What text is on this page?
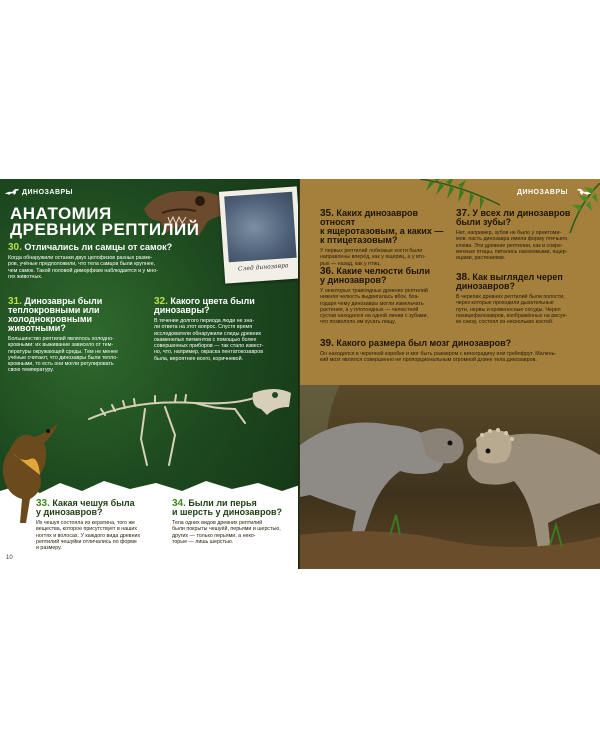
ДИНОЗАВРЫ
След динозавра
АНАТОМИЯ
ДРЕВНИХ РЕПТИЛИЙ

30. Отличались ли самцы от самок?

Когда обнаружили останки двух целофизов разных разме-
ров, учёные предположили, что тела самцов были крупнее,
чем самок. Такой половой диморфизм наблюдается и у мно-
гих животных.

31. Динозавры были
теплокровными или
холоднокровными животными?

Большинство рептилий являлось холоднo-
кровными: их выживание зависело от тем-
пературы окружающей среды. Тем не менее
учёные считают, что динозавры были тепло-
кровными, то есть они могли регулировать
свою температуру.

32. Какого цвета были
динозавры?

В течение долгого периода люди не зна-
ли ответа на этот вопрос. Спустя время
исследователи обнаружили следы древних
окаменелых пигментов с помощью более
совершенных приборов — так стало извест-
но, что, например, окраска пентатокозавров
была, вероятнее всего, коричневой.

33. Какая чешуя была
у динозавров?

Их чешуя состояла из кератина, того же
вещества, которое присутствует в наших
ногтях и волосах. У каждого вида древних
рептилий чешуйки отличались по форме
и размеру.

34. Были ли перья
и шерсть у динозавров?

Тела одних видов древних рептилий
были покрыты чешуёй, перьями и шерстью,
других — только перьями, а неко-
торые — лишь шерстью.

10
ДИНОЗАВРЫ

35. Каких динозавров относят
к ящеротазовым, а каких —
к птицетазовым?

У первых рептилий лобковые кости были
направлены вперёд, как у ящериц, а у вто-
рых — назад, как у птиц.

36. Какие челюсти были
у динозавров?

У некоторых травоядных древних рептилий
нижняя челюсть выдвигалась вбок, бла-
годаря чему динозавры могли измельчать
растения, а у плотоядных — челюстной
сустав находился на одной линии с зубами,
что позволяло им кусать пищу.

37. У всех ли динозавров
были зубы?

Нет, например, зубов не было у орнитоми-
мов: пасть динозавра имела форму птичьего
клюва. Эти древние рептилии, как и совре-
менные птицы, питались насекомыми, ящер-
ицами, растениями.

38. Как выглядел череп
динозавров?

В черепах древних рептилий были полости,
через которые проходили дыхательные
пути, нервы и кровеносные сосуды. Череп
пахицефалозавров, изображённых на рисун-
ке снизу, состоял из нескольких костей.

39. Какого размера был мозг динозавров?

Он находился в черепной коробке и мог быть размером с виноградину или грейпфрут. Малень-
кий мозг являлся совершенно не пропорциональным огромной длине тела динозавров.
